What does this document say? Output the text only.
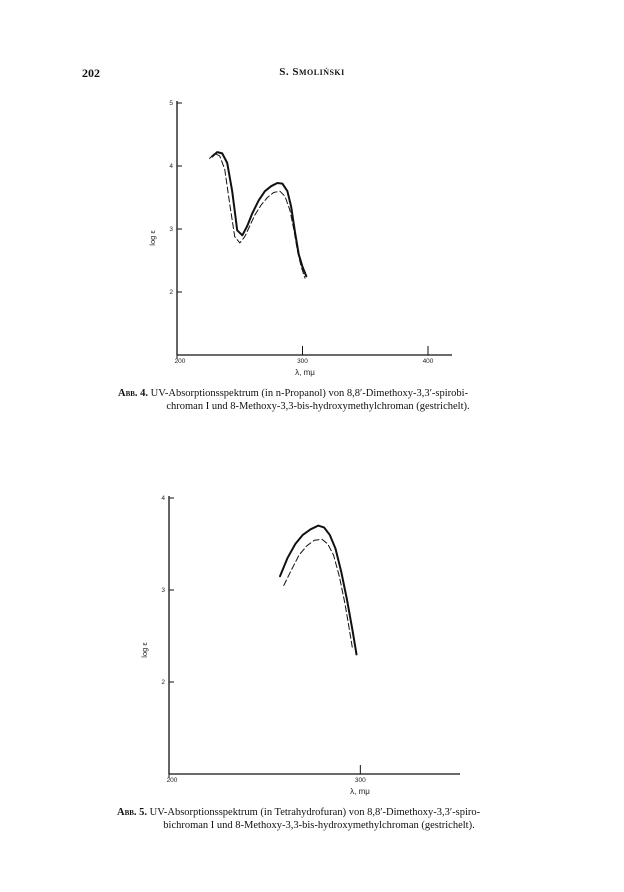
202	S. Smoliński
2
3
4
5
200	300	400
λ, mμ
log ε
Abb. 4. UV-Absorptionsspektrum (in n-Propanol) von 8,8′-Dimethoxy-3,3′-spirobi-
chroman I und 8-Methoxy-3,3-bis-hydroxymethylchroman (gestrichelt).
2
3
4
200	300
λ, mμ
log ε
Abb. 5. UV-Absorptionsspektrum (in Tetrahydrofuran) von 8,8′-Dimethoxy-3,3′-spiro-
bichroman I und 8-Methoxy-3,3-bis-hydroxymethylchroman (gestrichelt).
